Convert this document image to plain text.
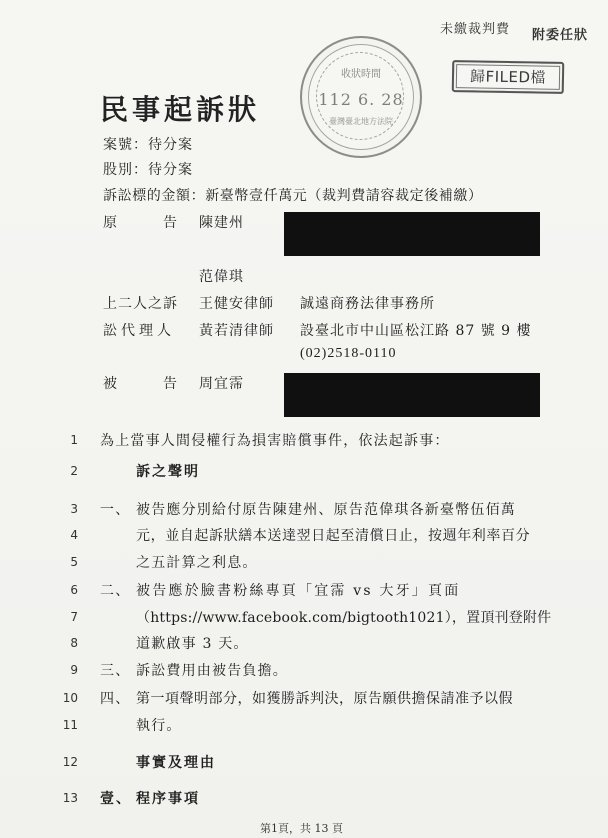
未繳裁判費 附委任狀
收狀時間
112 6. 28
臺灣臺北地方法院
歸FILED檔
民事起訴狀
案號：待分案
股別：待分案
訴訟標的金額：新臺幣壹仟萬元（裁判費請容裁定後補繳）
原　　　告 陳建州
范偉琪
上二人之訴 王健安律師 誠遠商務法律事務所
訟代理人 黃若清律師 設臺北市中山區松江路 87 號 9 樓
(02)2518-0110
被　　　告 周宜霈
1 為上當事人間侵權行為損害賠償事件，依法起訴事：
2	訴之聲明
3 一、 被告應分別給付原告陳建州、原告范偉琪各新臺幣伍佰萬
4	元，並自起訴狀繕本送達翌日起至清償日止，按週年利率百分
5	之五計算之利息。
6 二、 被告應於臉書粉絲專頁「宜霈 vs 大牙」頁面
7	（https://www.facebook.com/bigtooth1021），置頂刊登附件
8	道歉啟事 3 天。
9 三、 訴訟費用由被告負擔。
10 四、 第一項聲明部分，如獲勝訴判決，原告願供擔保請准予以假
11	執行。
12	事實及理由
13 壹、 程序事項
第1頁，共 13 頁
